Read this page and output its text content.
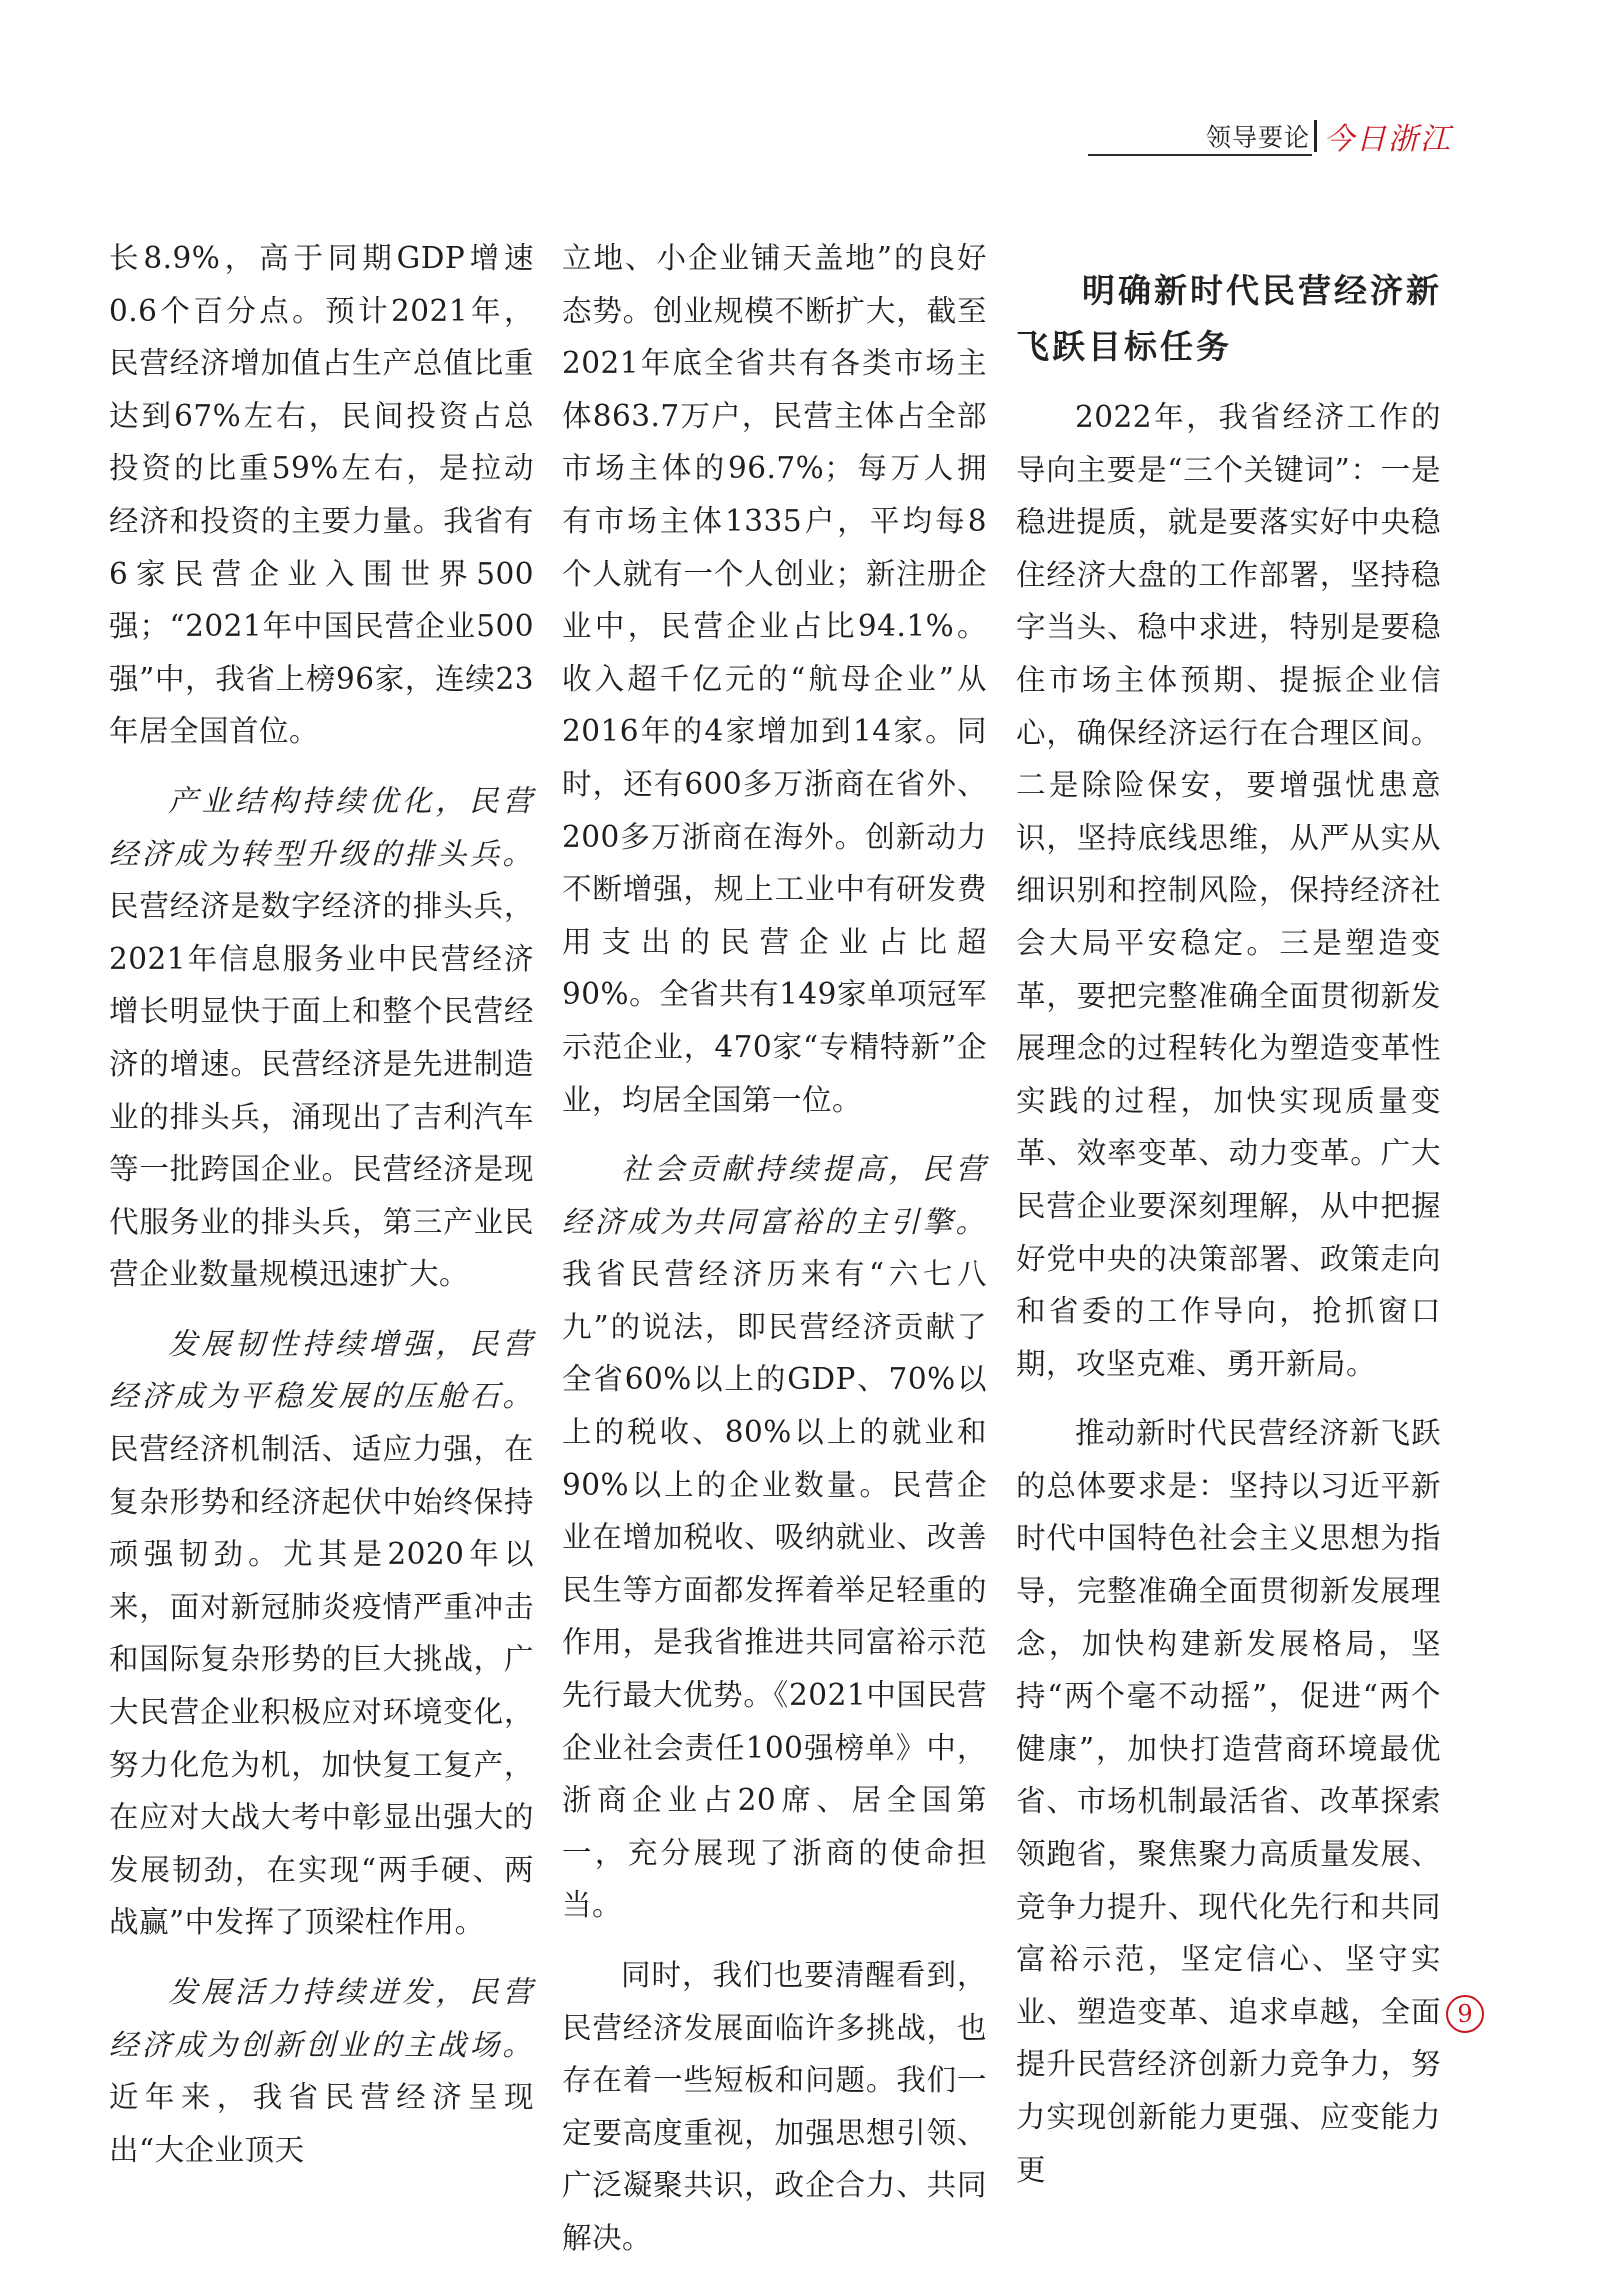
领导要论 今日浙江

长8.9%，高于同期GDP增速0.6个百分点。预计2021年，民营经济增加值占生产总值比重达到67%左右，民间投资占总投资的比重59%左右，是拉动经济和投资的主要力量。我省有6家民营企业入围世界500强；“2021年中国民营企业500强”中，我省上榜96家，连续23年居全国首位。

产业结构持续优化，民营经济成为转型升级的排头兵。民营经济是数字经济的排头兵，2021年信息服务业中民营经济增长明显快于面上和整个民营经济的增速。民营经济是先进制造业的排头兵，涌现出了吉利汽车等一批跨国企业。民营经济是现代服务业的排头兵，第三产业民营企业数量规模迅速扩大。

发展韧性持续增强，民营经济成为平稳发展的压舱石。民营经济机制活、适应力强，在复杂形势和经济起伏中始终保持顽强韧劲。尤其是2020年以来，面对新冠肺炎疫情严重冲击和国际复杂形势的巨大挑战，广大民营企业积极应对环境变化，努力化危为机，加快复工复产，在应对大战大考中彰显出强大的发展韧劲，在实现“两手硬、两战赢”中发挥了顶梁柱作用。

发展活力持续迸发，民营经济成为创新创业的主战场。近年来，我省民营经济呈现出“大企业顶天

立地、小企业铺天盖地”的良好态势。创业规模不断扩大，截至2021年底全省共有各类市场主体863.7万户，民营主体占全部市场主体的96.7%；每万人拥有市场主体1335户，平均每8个人就有一个人创业；新注册企业中，民营企业占比94.1%。收入超千亿元的“航母企业”从2016年的4家增加到14家。同时，还有600多万浙商在省外、200多万浙商在海外。创新动力不断增强，规上工业中有研发费用支出的民营企业占比超90%。全省共有149家单项冠军示范企业，470家“专精特新”企业，均居全国第一位。

社会贡献持续提高，民营经济成为共同富裕的主引擎。我省民营经济历来有“六七八九”的说法，即民营经济贡献了全省60%以上的GDP、70%以上的税收、80%以上的就业和90%以上的企业数量。民营企业在增加税收、吸纳就业、改善民生等方面都发挥着举足轻重的作用，是我省推进共同富裕示范先行最大优势。《2021中国民营企业社会责任100强榜单》中，浙商企业占20席、居全国第一，充分展现了浙商的使命担当。

同时，我们也要清醒看到，民营经济发展面临许多挑战，也存在着一些短板和问题。我们一定要高度重视，加强思想引领、广泛凝聚共识，政企合力、共同解决。

明确新时代民营经济新飞跃目标任务

2022年，我省经济工作的导向主要是“三个关键词”：一是稳进提质，就是要落实好中央稳住经济大盘的工作部署，坚持稳字当头、稳中求进，特别是要稳住市场主体预期、提振企业信心，确保经济运行在合理区间。二是除险保安，要增强忧患意识，坚持底线思维，从严从实从细识别和控制风险，保持经济社会大局平安稳定。三是塑造变革，要把完整准确全面贯彻新发展理念的过程转化为塑造变革性实践的过程，加快实现质量变革、效率变革、动力变革。广大民营企业要深刻理解，从中把握好党中央的决策部署、政策走向和省委的工作导向，抢抓窗口期，攻坚克难、勇开新局。

推动新时代民营经济新飞跃的总体要求是：坚持以习近平新时代中国特色社会主义思想为指导，完整准确全面贯彻新发展理念，加快构建新发展格局，坚持“两个毫不动摇”，促进“两个健康”，加快打造营商环境最优省、市场机制最活省、改革探索领跑省，聚焦聚力高质量发展、竞争力提升、现代化先行和共同富裕示范，坚定信心、坚守实业、塑造变革、追求卓越，全面提升民营经济创新力竞争力，努力实现创新能力更强、应变能力更

9
